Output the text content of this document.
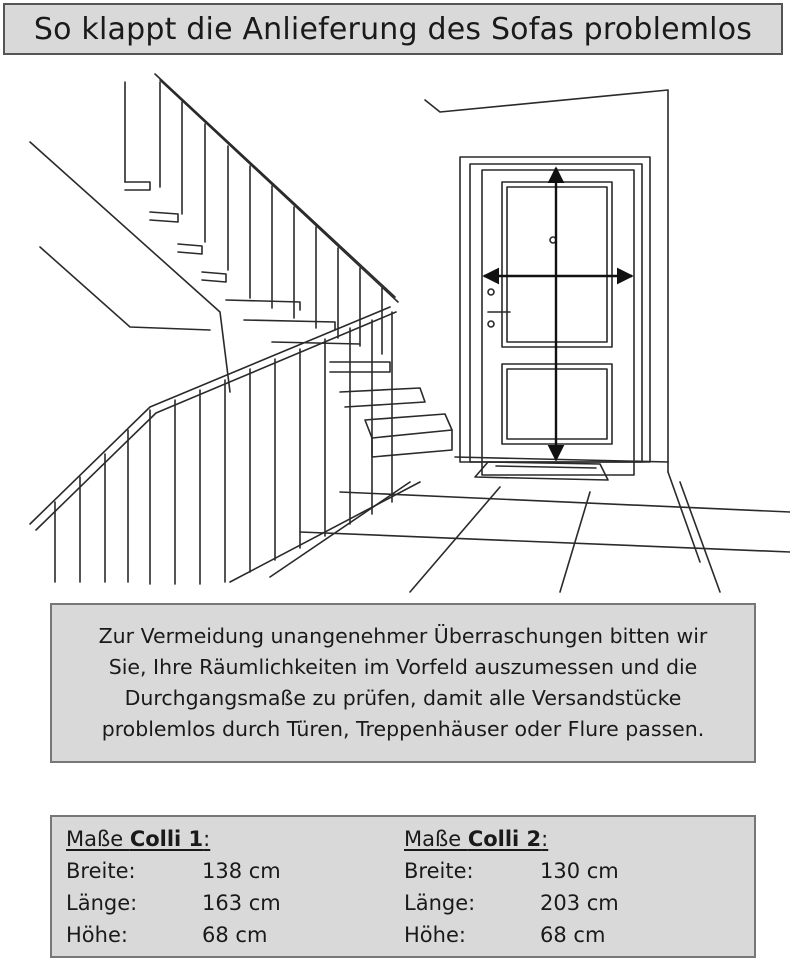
So klappt die Anlieferung des Sofas problemlos
Zur Vermeidung unangenehmer Überraschungen bitten wir
Sie, Ihre Räumlichkeiten im Vorfeld auszumessen und die
Durchgangsmaße zu prüfen, damit alle Versandstücke
problemlos durch Türen, Treppenhäuser oder Flure passen.
Maße Colli 1:
Breite:	138 cm
Länge:	163 cm
Höhe:	68 cm
Maße Colli 2:
Breite:	130 cm
Länge:	203 cm
Höhe:	68 cm
